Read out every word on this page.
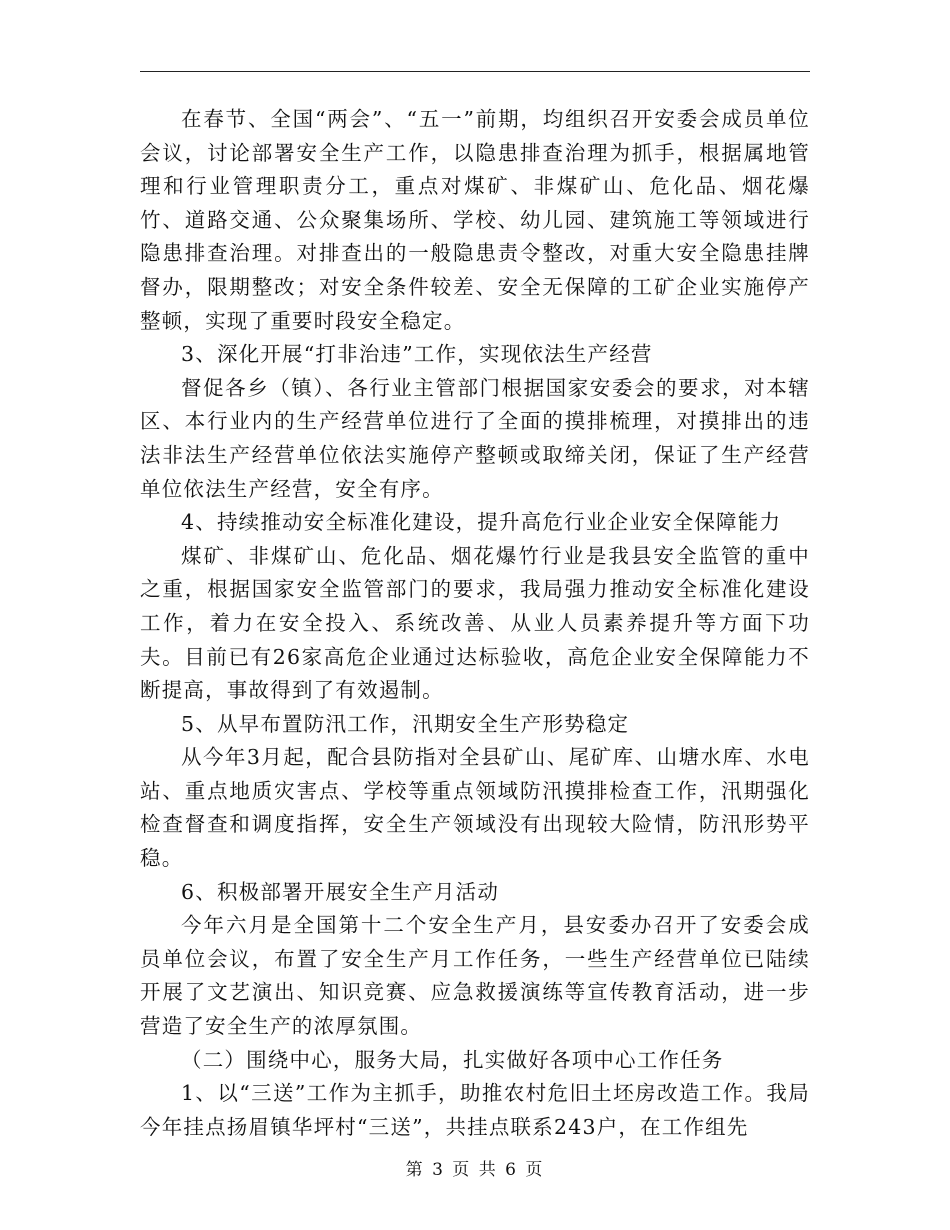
在春节、全国“两会”、“五一”前期，均组织召开安委会成员单位会议，讨论部署安全生产工作，以隐患排查治理为抓手，根据属地管理和行业管理职责分工，重点对煤矿、非煤矿山、危化品、烟花爆竹、道路交通、公众聚集场所、学校、幼儿园、建筑施工等领域进行隐患排查治理。对排查出的一般隐患责令整改，对重大安全隐患挂牌督办，限期整改；对安全条件较差、安全无保障的工矿企业实施停产整顿，实现了重要时段安全稳定。

3、深化开展“打非治违”工作，实现依法生产经营

督促各乡（镇）、各行业主管部门根据国家安委会的要求，对本辖区、本行业内的生产经营单位进行了全面的摸排梳理，对摸排出的违法非法生产经营单位依法实施停产整顿或取缔关闭，保证了生产经营单位依法生产经营，安全有序。

4、持续推动安全标准化建设，提升高危行业企业安全保障能力

煤矿、非煤矿山、危化品、烟花爆竹行业是我县安全监管的重中之重，根据国家安全监管部门的要求，我局强力推动安全标准化建设工作，着力在安全投入、系统改善、从业人员素养提升等方面下功夫。目前已有26家高危企业通过达标验收，高危企业安全保障能力不断提高，事故得到了有效遏制。

5、从早布置防汛工作，汛期安全生产形势稳定

从今年3月起，配合县防指对全县矿山、尾矿库、山塘水库、水电站、重点地质灾害点、学校等重点领域防汛摸排检查工作，汛期强化检查督查和调度指挥，安全生产领域没有出现较大险情，防汛形势平稳。

6、积极部署开展安全生产月活动

今年六月是全国第十二个安全生产月，县安委办召开了安委会成员单位会议，布置了安全生产月工作任务，一些生产经营单位已陆续开展了文艺演出、知识竞赛、应急救援演练等宣传教育活动，进一步营造了安全生产的浓厚氛围。

（二）围绕中心，服务大局，扎实做好各项中心工作任务

1、以“三送”工作为主抓手，助推农村危旧土坯房改造工作。我局今年挂点扬眉镇华坪村“三送”，共挂点联系243户，在工作组先

第 3 页 共 6 页
